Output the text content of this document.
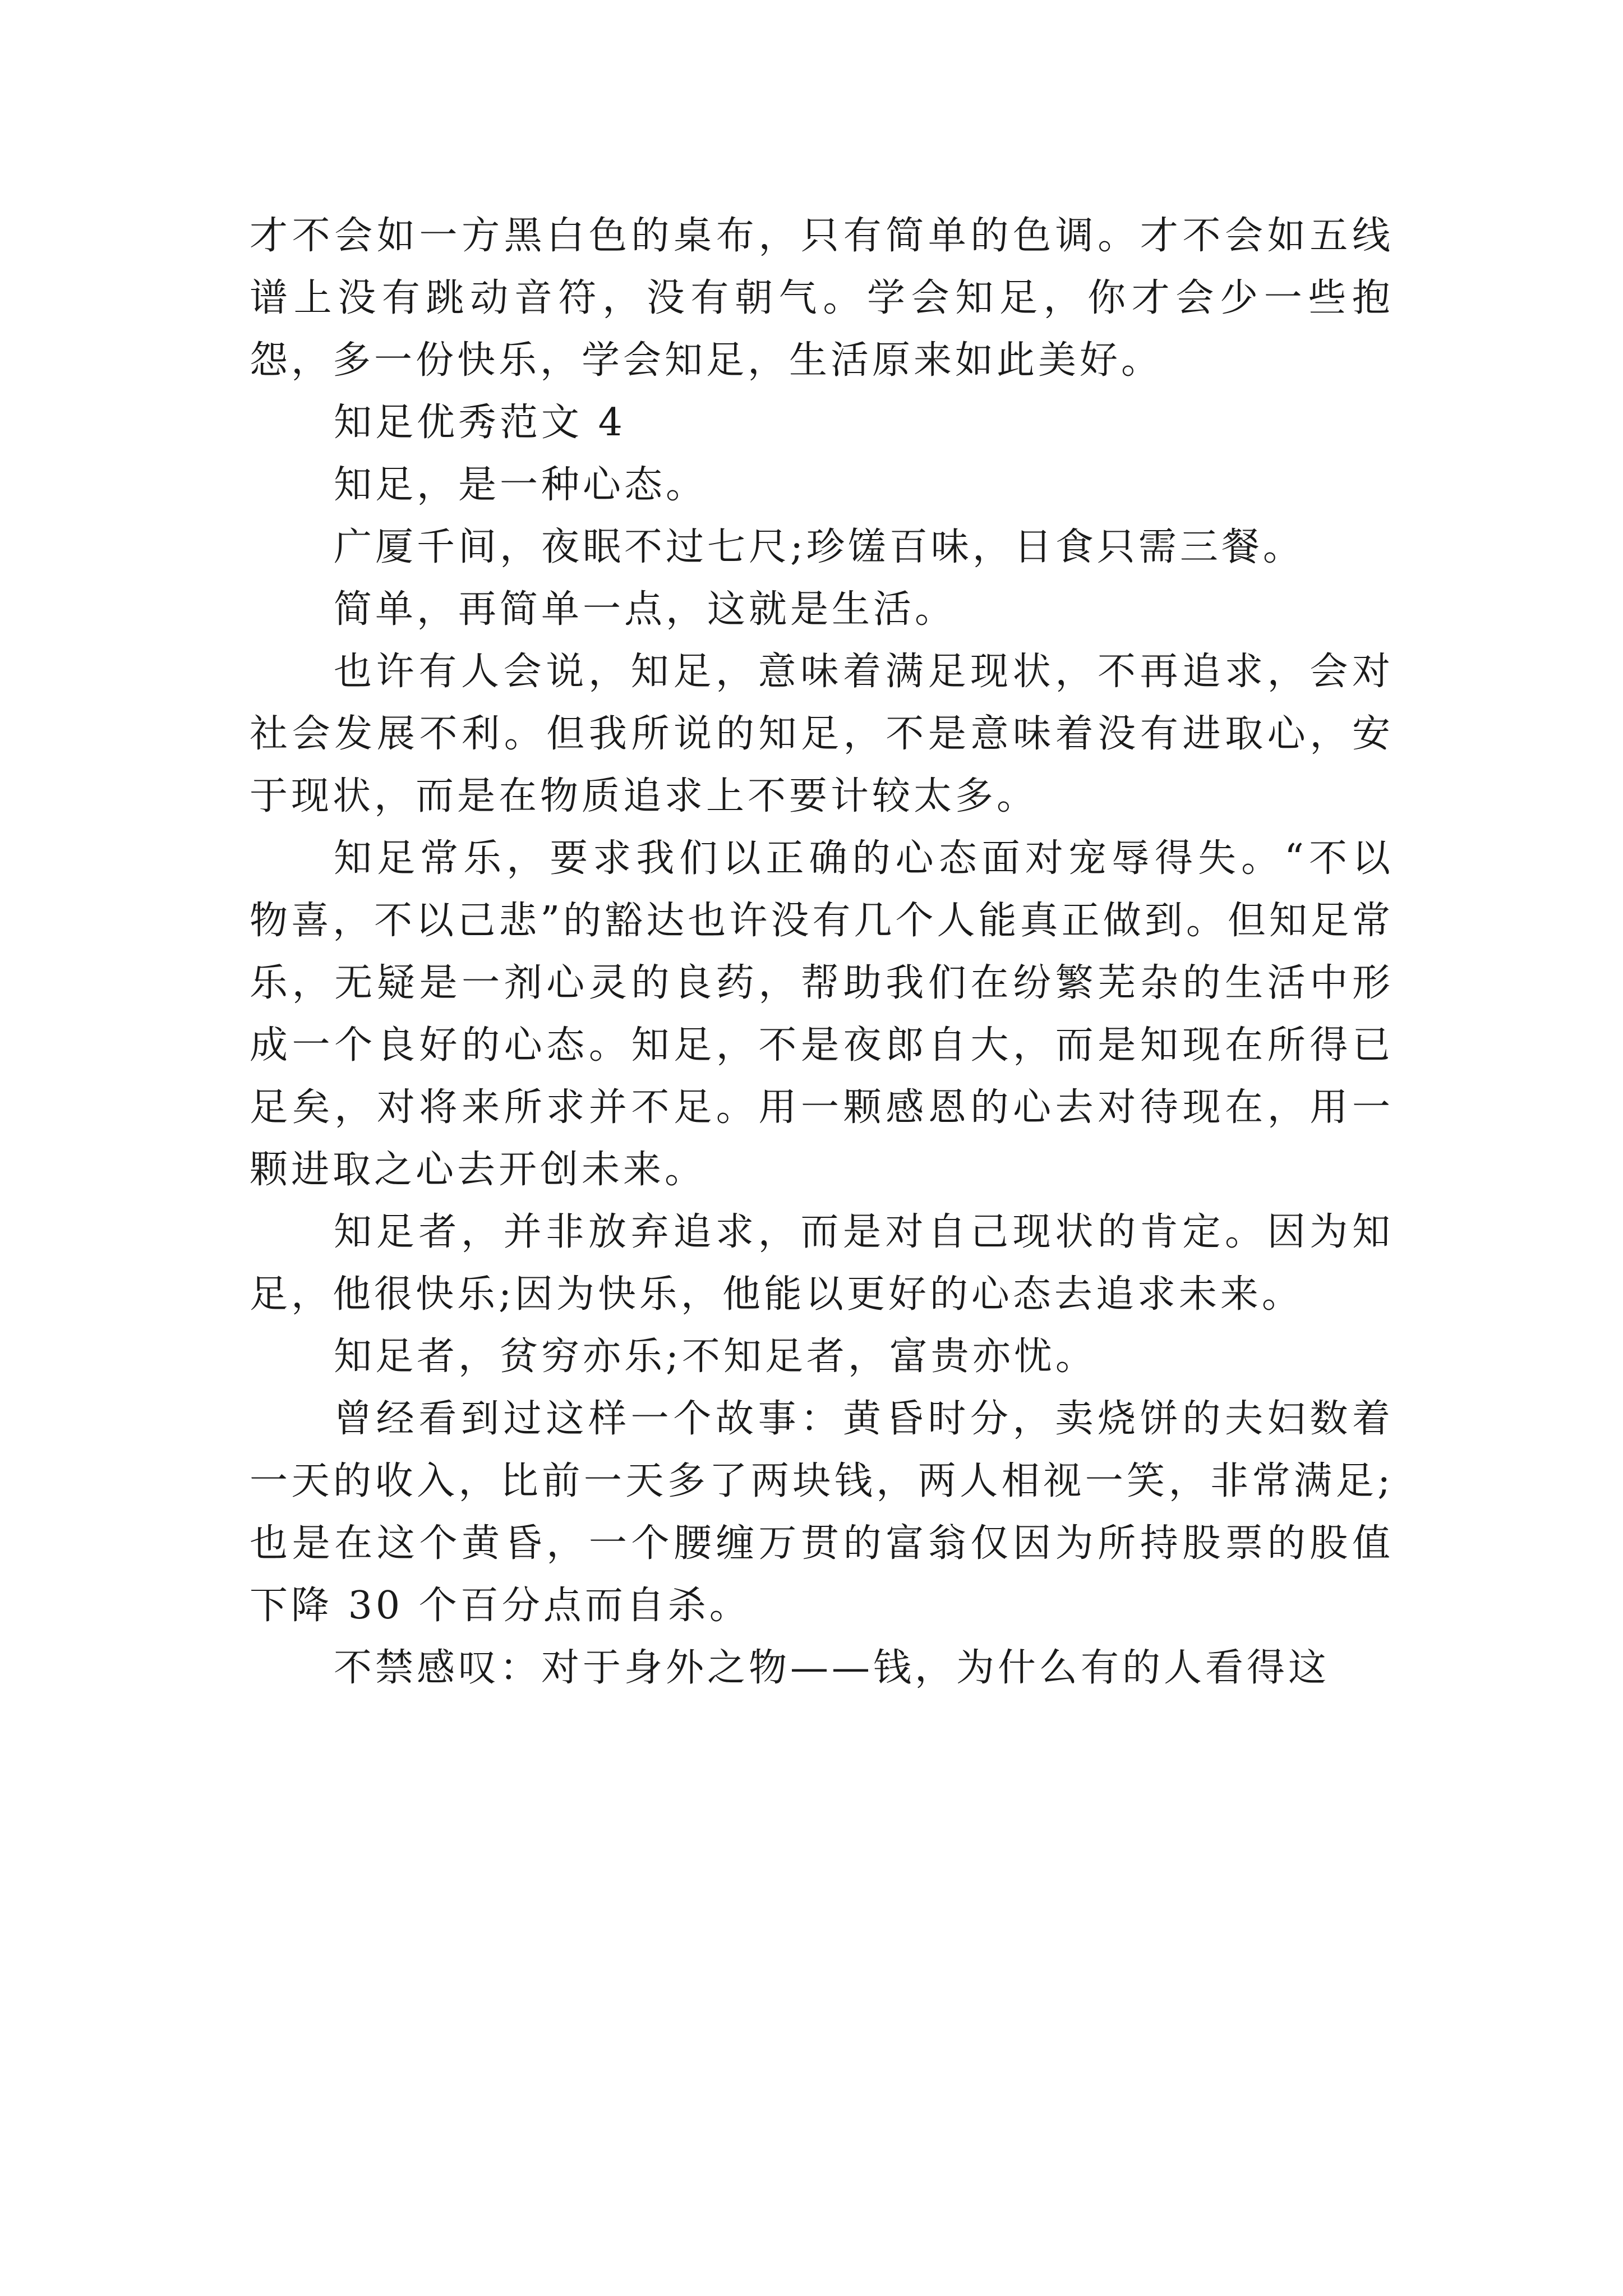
才不会如一方黑白色的桌布，只有简单的色调。才不会如五线谱上没有跳动音符，没有朝气。学会知足，你才会少一些抱怨，多一份快乐，学会知足，生活原来如此美好。

知足优秀范文 4

知足，是一种心态。

广厦千间，夜眠不过七尺;珍馐百味，日食只需三餐。

简单，再简单一点，这就是生活。

也许有人会说，知足，意味着满足现状，不再追求，会对社会发展不利。但我所说的知足，不是意味着没有进取心，安于现状，而是在物质追求上不要计较太多。

知足常乐，要求我们以正确的心态面对宠辱得失。“不以物喜，不以己悲”的豁达也许没有几个人能真正做到。但知足常乐，无疑是一剂心灵的良药，帮助我们在纷繁芜杂的生活中形成一个良好的心态。知足，不是夜郎自大，而是知现在所得已足矣，对将来所求并不足。用一颗感恩的心去对待现在，用一颗进取之心去开创未来。

知足者，并非放弃追求，而是对自己现状的肯定。因为知足，他很快乐;因为快乐，他能以更好的心态去追求未来。

知足者，贫穷亦乐;不知足者，富贵亦忧。

曾经看到过这样一个故事：黄昏时分，卖烧饼的夫妇数着一天的收入，比前一天多了两块钱，两人相视一笑，非常满足;也是在这个黄昏，一个腰缠万贯的富翁仅因为所持股票的股值下降 30 个百分点而自杀。

不禁感叹：对于身外之物——钱，为什么有的人看得这
